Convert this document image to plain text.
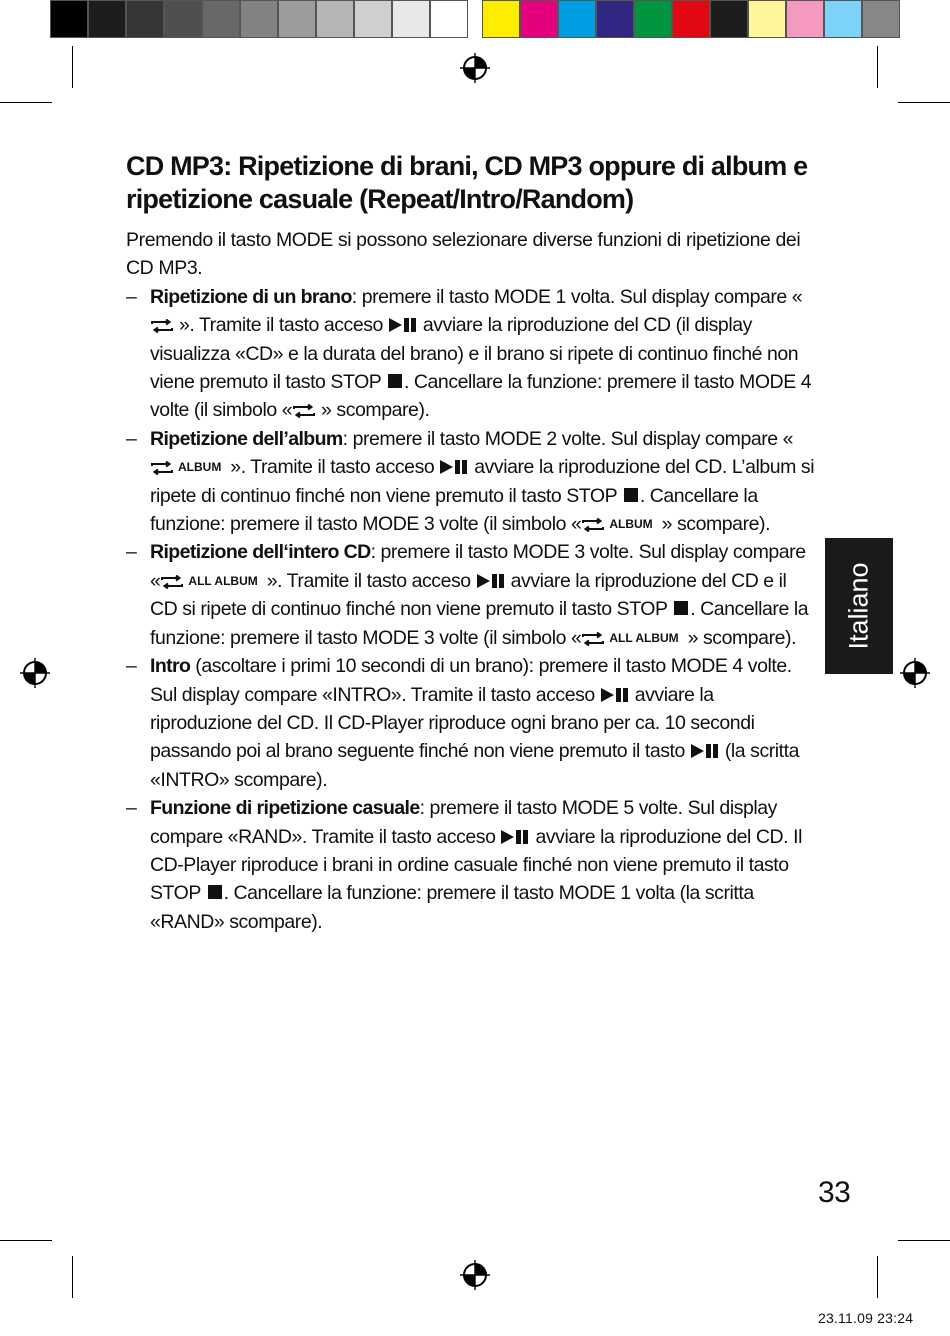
CD MP3: Ripetizione di brani, CD MP3 oppure di album e ripetizione casuale (Repeat/Intro/Random)

Premendo il tasto MODE si possono selezionare diverse funzioni di ripetizione dei CD MP3.

– Ripetizione di un brano: premere il tasto MODE 1 volta. Sul display compare « ». Tramite il tasto acceso  avviare la riproduzione del CD (il display visualizza «CD» e la durata del brano) e il brano si ripete di continuo finché non viene premuto il tasto STOP . Cancellare la funzione: premere il tasto MODE 4 volte (il simbolo « » scompare).
– Ripetizione dell’album: premere il tasto MODE 2 volte. Sul display compare «ALBUM ». Tramite il tasto acceso  avviare la riproduzione del CD. L’album si ripete di continuo finché non viene premuto il tasto STOP . Cancellare la funzione: premere il tasto MODE 3 volte (il simbolo « ALBUM » scompare).
– Ripetizione dell‘intero CD: premere il tasto MODE 3 volte. Sul display compare « ALL ALBUM ». Tramite il tasto acceso  avviare la riproduzione del CD e il CD si ripete di continuo finché non viene premuto il tasto STOP . Cancellare la funzione: premere il tasto MODE 3 volte (il simbolo « ALL ALBUM » scompare).
– Intro (ascoltare i primi 10 secondi di un brano): premere il tasto MODE 4 volte. Sul display compare «INTRO». Tramite il tasto acceso  avviare la riproduzione del CD. Il CD-Player riproduce ogni brano per ca. 10 secondi passando poi al brano seguente finché non viene premuto il tasto  (la scritta «INTRO» scompare).
– Funzione di ripetizione casuale: premere il tasto MODE 5 volte. Sul display compare «RAND». Tramite il tasto acceso  avviare la riproduzione del CD. Il CD-Player riproduce i brani in ordine casuale finché non viene premuto il tasto STOP . Cancellare la funzione: premere il tasto MODE 1 volta (la scritta «RAND» scompare).
Italiano
33
23.11.09 23:24
